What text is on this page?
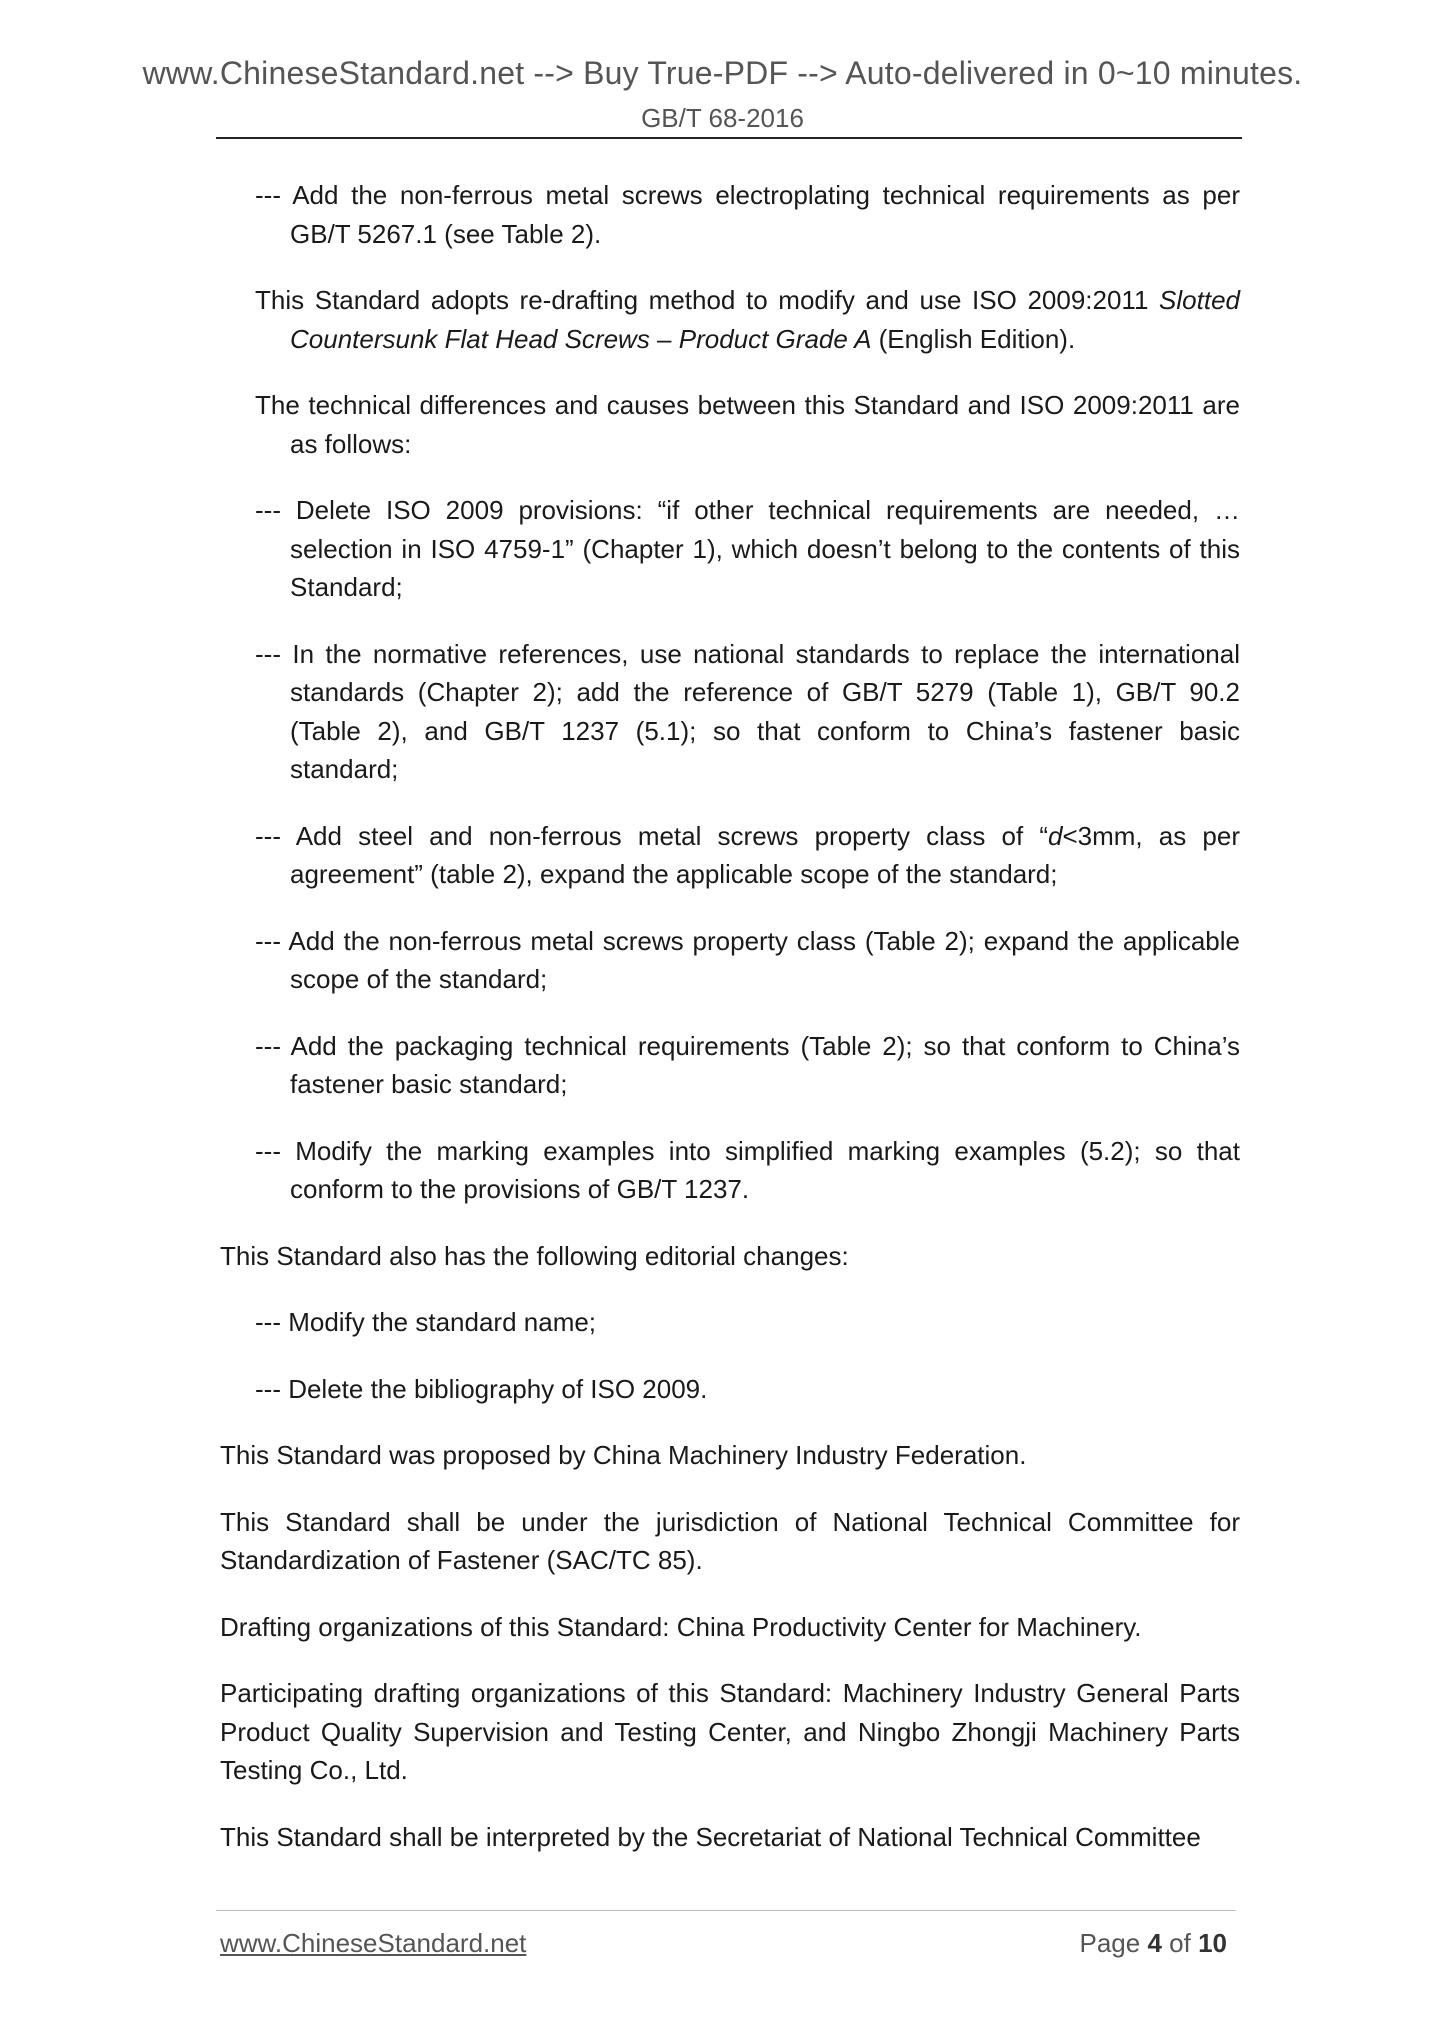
www.ChineseStandard.net --> Buy True-PDF --> Auto-delivered in 0~10 minutes.
GB/T 68-2016

--- Add the non-ferrous metal screws electroplating technical requirements as per GB/T 5267.1 (see Table 2).

This Standard adopts re-drafting method to modify and use ISO 2009:2011 Slotted Countersunk Flat Head Screws – Product Grade A (English Edition).

The technical differences and causes between this Standard and ISO 2009:2011 are as follows:

--- Delete ISO 2009 provisions: “if other technical requirements are needed, … selection in ISO 4759-1” (Chapter 1), which doesn’t belong to the contents of this Standard;

--- In the normative references, use national standards to replace the international standards (Chapter 2); add the reference of GB/T 5279 (Table 1), GB/T 90.2 (Table 2), and GB/T 1237 (5.1); so that conform to China’s fastener basic standard;

--- Add steel and non-ferrous metal screws property class of “d<3mm, as per agreement” (table 2), expand the applicable scope of the standard;

--- Add the non-ferrous metal screws property class (Table 2); expand the applicable scope of the standard;

--- Add the packaging technical requirements (Table 2); so that conform to China’s fastener basic standard;

--- Modify the marking examples into simplified marking examples (5.2); so that conform to the provisions of GB/T 1237.

This Standard also has the following editorial changes:

--- Modify the standard name;

--- Delete the bibliography of ISO 2009.

This Standard was proposed by China Machinery Industry Federation.

This Standard shall be under the jurisdiction of National Technical Committee for Standardization of Fastener (SAC/TC 85).

Drafting organizations of this Standard: China Productivity Center for Machinery.

Participating drafting organizations of this Standard: Machinery Industry General Parts Product Quality Supervision and Testing Center, and Ningbo Zhongji Machinery Parts Testing Co., Ltd.

This Standard shall be interpreted by the Secretariat of National Technical Committee

www.ChineseStandard.net	Page 4 of 10
